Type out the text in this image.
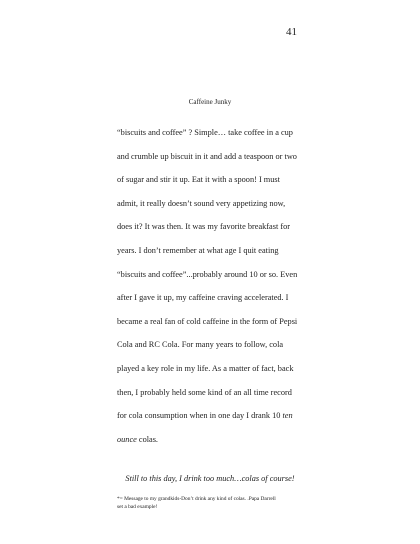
41
Caffeine Junky

“biscuits and coffee” ? Simple… take coffee in a cup
and crumble up biscuit in it and add a teaspoon or two
of sugar and stir it up. Eat it with a spoon! I must
admit, it really doesn’t sound very appetizing now,
does it? It was then. It was my favorite breakfast for
years. I don’t remember at what age I quit eating
“biscuits and coffee”...probably around 10 or so. Even
after I gave it up, my caffeine craving accelerated. I
became a real fan of cold caffeine in the form of Pepsi
Cola and RC Cola. For many years to follow, cola
played a key role in my life. As a matter of fact, back
then, I probably held some kind of an all time record
for cola consumption when in one day I drank 10 ten
ounce colas.

Still to this day, I drink too much…colas of course!

*= Message to my grandkids-Don’t drink any kind of colas. .Papa Darrell
set a bad example!
